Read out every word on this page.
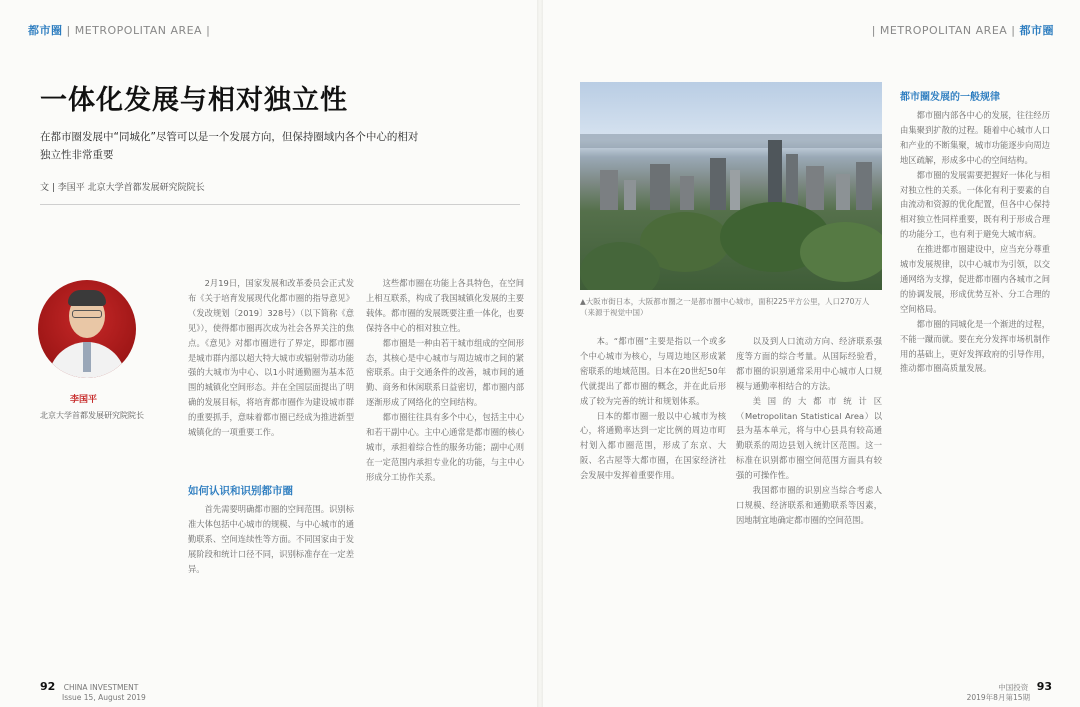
都市圈 | METROPOLITAN AREA |
一体化发展与相对独立性
在都市圈发展中“同城化”尽管可以是一个发展方向，但保持圈域内各个中心的相对独立性非常重要
文 | 李国平 北京大学首都发展研究院院长
李国平
北京大学首都发展研究院院长

2月19日，国家发展和改革委员会正式发布《关于培育发展现代化都市圈的指导意见》（发改规划〔2019〕328号）（以下简称《意见》），使得都市圈再次成为社会各界关注的焦点。《意见》对都市圈进行了界定，即都市圈是城市群内部以超大特大城市或辐射带动功能强的大城市为中心、以1小时通勤圈为基本范围的城镇化空间形态。并在全国层面提出了明确的发展目标，将培育都市圈作为建设城市群的重要抓手，意味着都市圈已经成为推进新型城镇化的一项重要工作。

如何认识和识别都市圈

首先需要明确都市圈的空间范围。识别标准大体包括中心城市的规模、与中心城市的通勤联系、空间连续性等方面。不同国家由于发展阶段和统计口径不同，识别标准存在一定差异。

这些都市圈在功能上各具特色，在空间上相互联系，构成了我国城镇化发展的主要载体。都市圈的发展既要注重一体化，也要保持各中心的相对独立性。

都市圈是一种由若干城市组成的空间形态，其核心是中心城市与周边城市之间的紧密联系。由于交通条件的改善，城市间的通勤、商务和休闲联系日益密切，都市圈内部逐渐形成了网络化的空间结构。

都市圈往往具有多个中心，包括主中心和若干副中心。主中心通常是都市圈的核心城市，承担着综合性的服务功能；副中心则在一定范围内承担专业化的功能，与主中心形成分工协作关系。

92 CHINA INVESTMENT
Issue 15, August 2019
| METROPOLITAN AREA | 都市圈
▲大阪市街日本，大阪都市圈之一是都市圈中心城市，面积225平方公里，人口270万人（来源于视觉中国）

本。“都市圈”主要是指以一个或多个中心城市为核心，与周边地区形成紧密联系的地域范围。日本在20世纪50年代就提出了都市圈的概念，并在此后形成了较为完善的统计和规划体系。

日本的都市圈一般以中心城市为核心，将通勤率达到一定比例的周边市町村划入都市圈范围，形成了东京、大阪、名古屋等大都市圈，在国家经济社会发展中发挥着重要作用。

以及到人口流动方向、经济联系强度等方面的综合考量。从国际经验看，都市圈的识别通常采用中心城市人口规模与通勤率相结合的方法。

美国的大都市统计区（Metropolitan Statistical Area）以县为基本单元，将与中心县具有较高通勤联系的周边县划入统计区范围。这一标准在识别都市圈空间范围方面具有较强的可操作性。

我国都市圈的识别应当综合考虑人口规模、经济联系和通勤联系等因素，因地制宜地确定都市圈的空间范围。

都市圈发展的一般规律

都市圈内部各中心的发展，往往经历由集聚到扩散的过程。随着中心城市人口和产业的不断集聚，城市功能逐步向周边地区疏解，形成多中心的空间结构。

都市圈的发展需要把握好一体化与相对独立性的关系。一体化有利于要素的自由流动和资源的优化配置，但各中心保持相对独立性同样重要，既有利于形成合理的功能分工，也有利于避免大城市病。

在推进都市圈建设中，应当充分尊重城市发展规律，以中心城市为引领，以交通网络为支撑，促进都市圈内各城市之间的协调发展，形成优势互补、分工合理的空间格局。

都市圈的同城化是一个渐进的过程，不能一蹴而就。要在充分发挥市场机制作用的基础上，更好发挥政府的引导作用，推动都市圈高质量发展。

中国投资 93
2019年8月第15期
